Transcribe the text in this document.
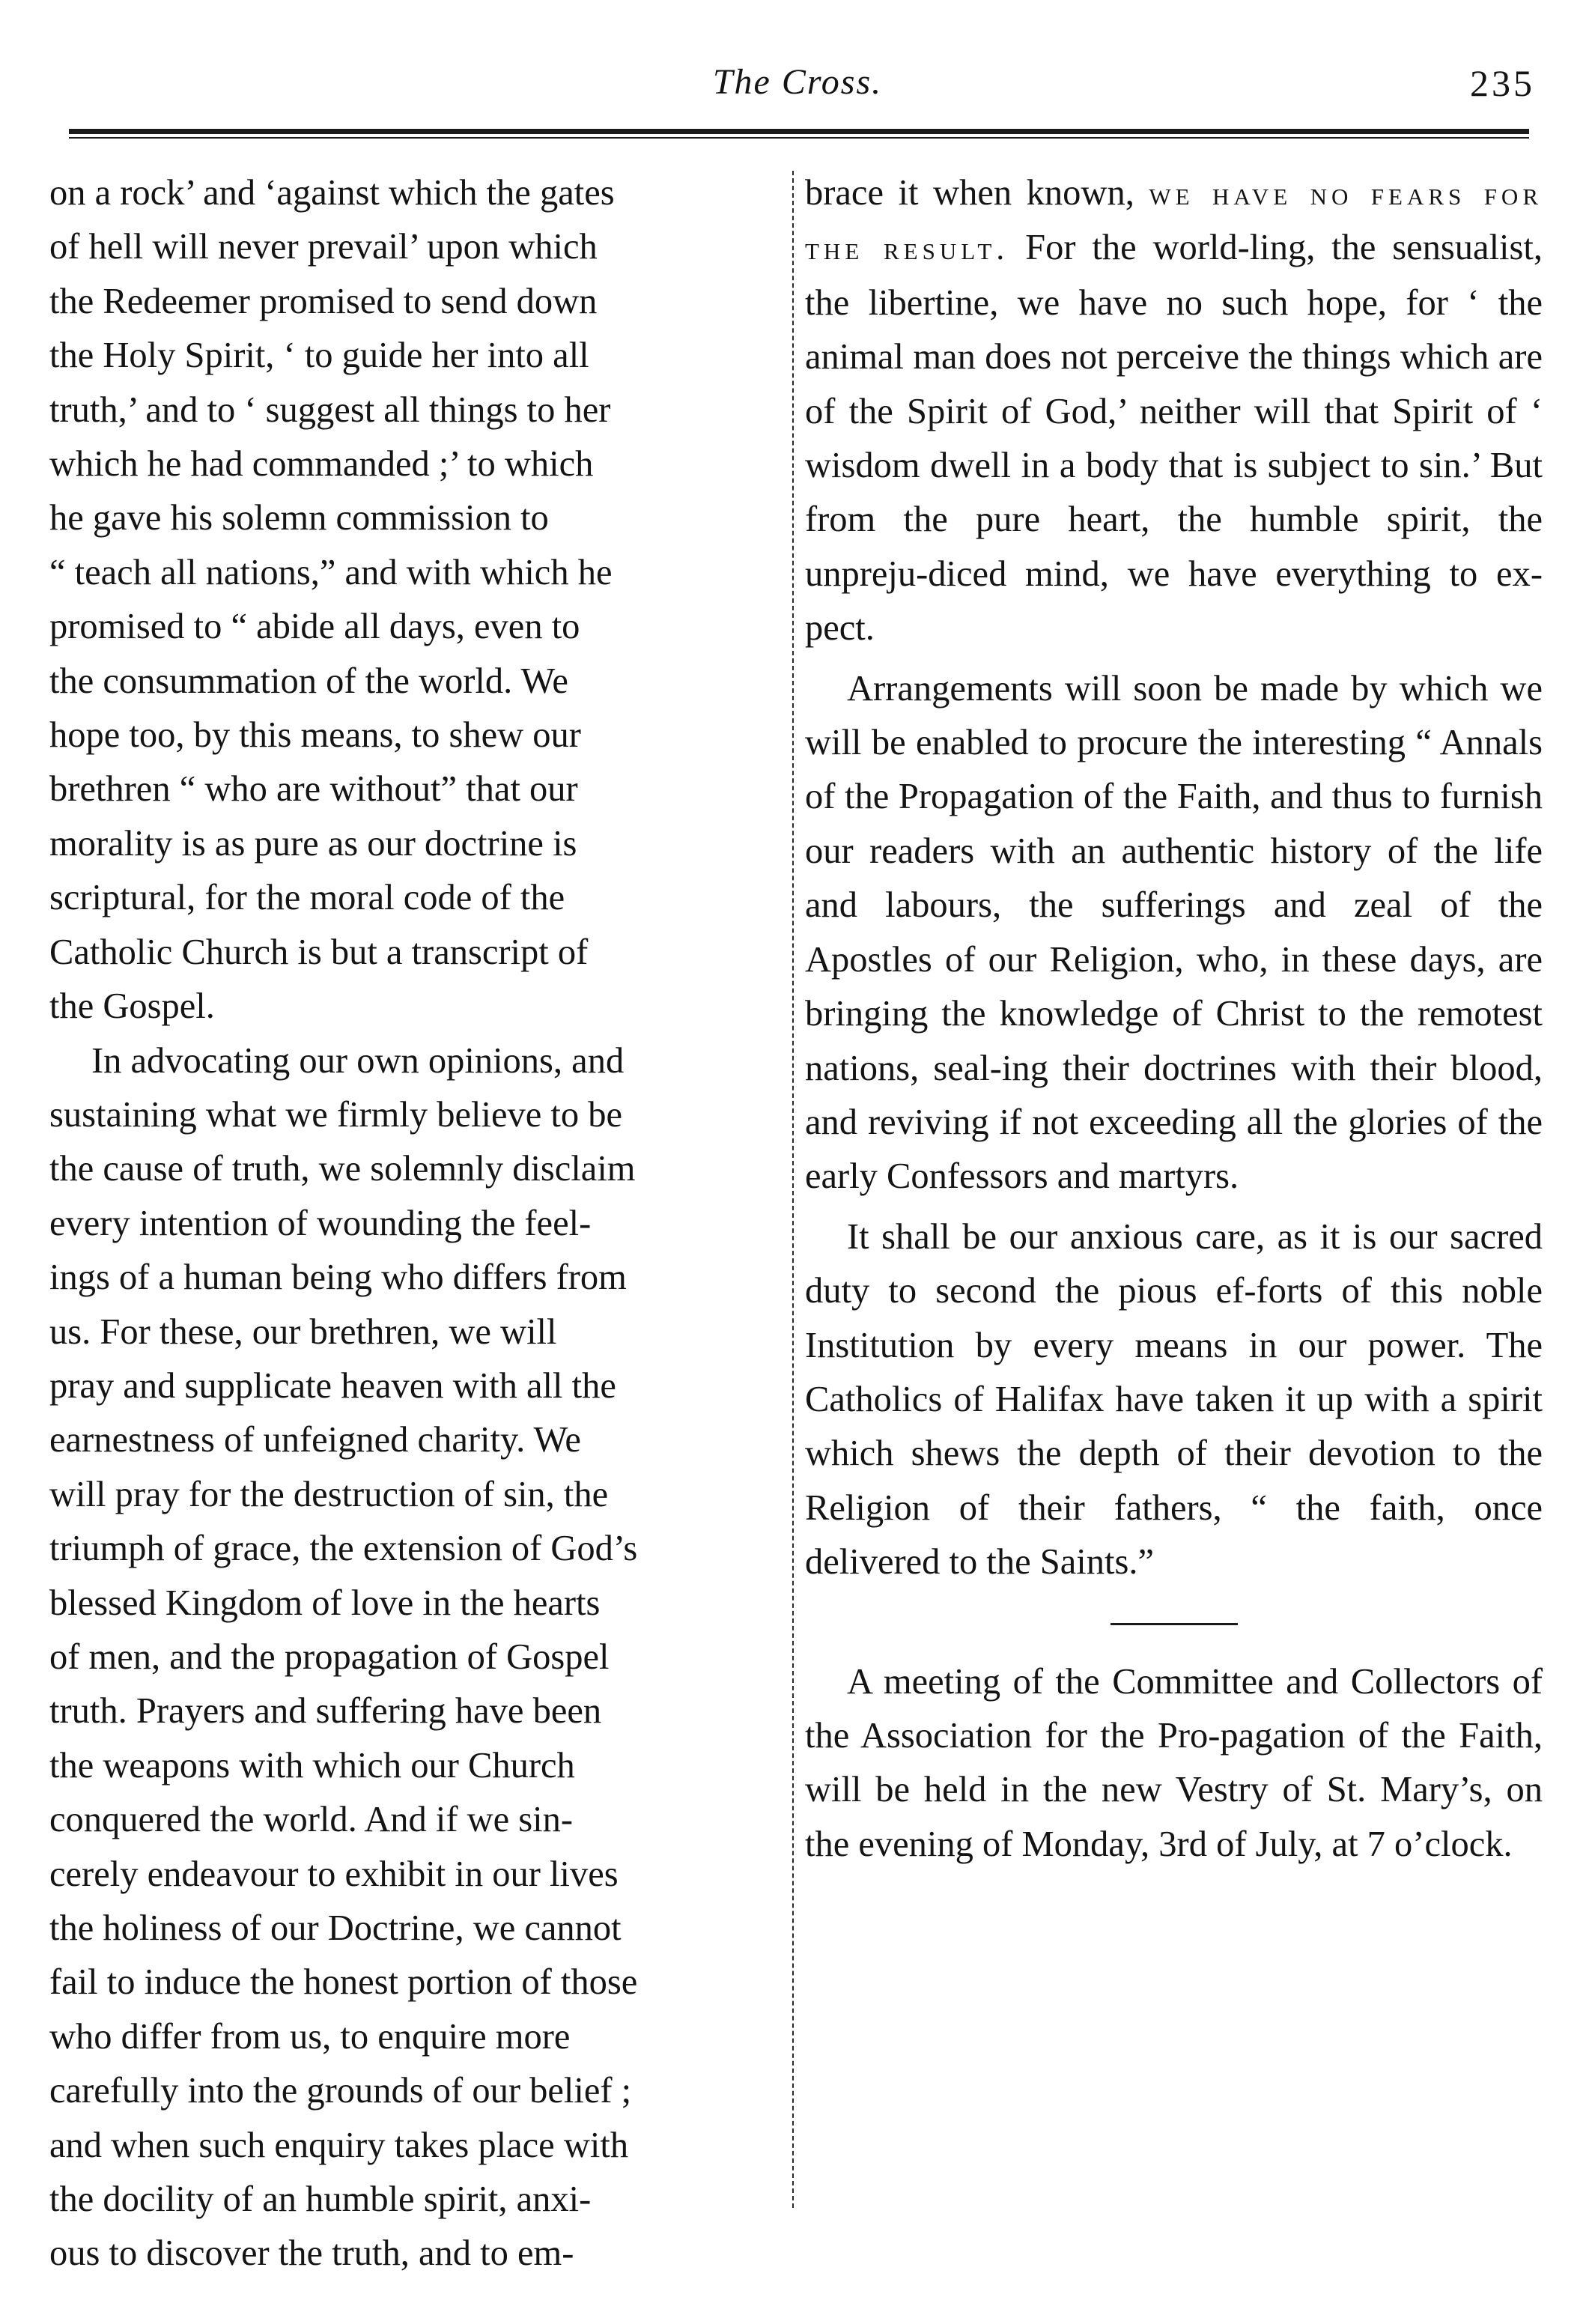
The Cross.	235

on a rock’ and ‘against which the gates

of hell will never prevail’ upon which

the Redeemer promised to send down

the Holy Spirit, ‘ to guide her into all

truth,’ and to ‘ suggest all things to her

which he had commanded ;’ to which

he gave his solemn commission to

“ teach all nations,” and with which he

promised to “ abide all days, even to

the consummation of the world. We

hope too, by this means, to shew our

brethren “ who are without” that our

morality is as pure as our doctrine is

scriptural, for the moral code of the

Catholic Church is but a transcript of

the Gospel.

In advocating our own opinions, and

sustaining what we firmly believe to be

the cause of truth, we solemnly disclaim

every intention of wounding the feel-

ings of a human being who differs from

us. For these, our brethren, we will

pray and supplicate heaven with all the

earnestness of unfeigned charity. We

will pray for the destruction of sin, the

triumph of grace, the extension of God’s

blessed Kingdom of love in the hearts

of men, and the propagation of Gospel

truth. Prayers and suffering have been

the weapons with which our Church

conquered the world. And if we sin-

cerely endeavour to exhibit in our lives

the holiness of our Doctrine, we cannot

fail to induce the honest portion of those

who differ from us, to enquire more

carefully into the grounds of our belief ;

and when such enquiry takes place with

the docility of an humble spirit, anxi-

ous to discover the truth, and to em-

brace it when known, we have no fears for the result. For the world-ling, the sensualist, the libertine, we have no such hope, for ‘ the animal man does not perceive the things which are of the Spirit of God,’ neither will that Spirit of ‘ wisdom dwell in a body that is subject to sin.’ But from the pure heart, the humble spirit, the unpreju-diced mind, we have everything to ex-pect.

Arrangements will soon be made by which we will be enabled to procure the interesting “ Annals of the Propagation of the Faith, and thus to furnish our readers with an authentic history of the life and labours, the sufferings and zeal of the Apostles of our Religion, who, in these days, are bringing the knowledge of Christ to the remotest nations, seal-ing their doctrines with their blood, and reviving if not exceeding all the glories of the early Confessors and martyrs.

It shall be our anxious care, as it is our sacred duty to second the pious ef-forts of this noble Institution by every means in our power. The Catholics of Halifax have taken it up with a spirit which shews the depth of their devotion to the Religion of their fathers, “ the faith, once delivered to the Saints.”

A meeting of the Committee and Collectors of the Association for the Pro-pagation of the Faith, will be held in the new Vestry of St. Mary’s, on the evening of Monday, 3rd of July, at 7 o’clock.
